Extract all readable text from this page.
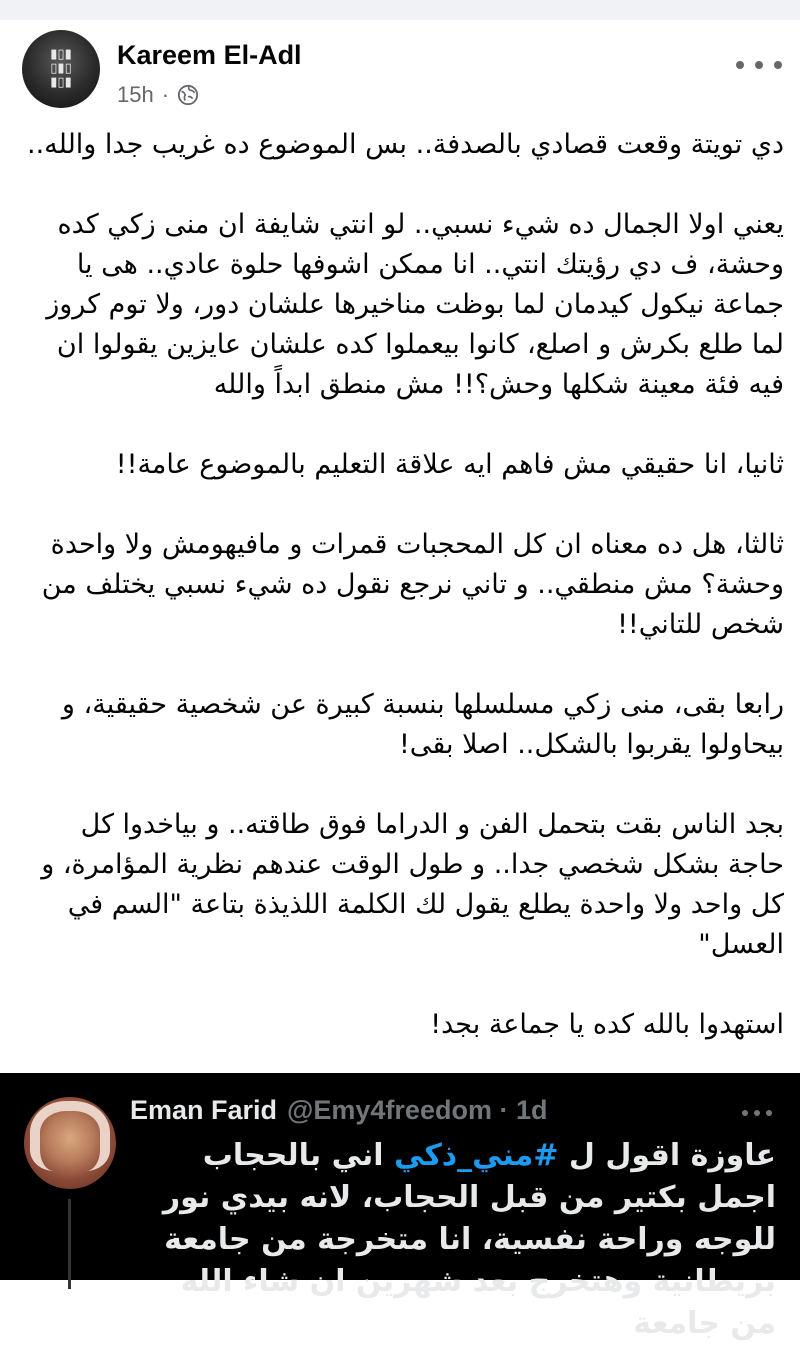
▮▯▮
▯▮▯
▮▯▮
Kareem El-Adl
15h ·

دي تويتة وقعت قصادي بالصدفة.. بس الموضوع ده غريب جدا والله..

يعني اولا الجمال ده شيء نسبي.. لو انتي شايفة ان منى زكي كده وحشة، ف دي رؤيتك انتي.. انا ممكن اشوفها حلوة عادي.. هى يا جماعة نيكول كيدمان لما بوظت مناخيرها علشان دور، ولا توم كروز لما طلع بكرش و اصلع، كانوا بيعملوا كده علشان عايزين يقولوا ان فيه فئة معينة شكلها وحش؟!! مش منطق ابداً والله

ثانيا، انا حقيقي مش فاهم ايه علاقة التعليم بالموضوع عامة!!

ثالثا، هل ده معناه ان كل المحجبات قمرات و مافيهومش ولا واحدة وحشة؟ مش منطقي.. و تاني نرجع نقول ده شيء نسبي يختلف من شخص للتاني!!

رابعا بقى، منى زكي مسلسلها بنسبة كبيرة عن شخصية حقيقية، و بيحاولوا يقربوا بالشكل.. اصلا بقى!

بجد الناس بقت بتحمل الفن و الدراما فوق طاقته.. و بياخدوا كل حاجة بشكل شخصي جدا.. و طول الوقت عندهم نظرية المؤامرة، و كل واحد ولا واحدة يطلع يقول لك الكلمة اللذيذة بتاعة "السم في العسل"

استهدوا بالله كده يا جماعة بجد!

Eman Farid @Emy4freedom · 1d
عاوزة اقول ل #مني_ذكي اني بالحجاب اجمل بكتير من قبل الحجاب، لانه بيدي نور للوجه وراحة نفسية، انا متخرجة من جامعة بريطانية وهتخرج بعد شهرين ان شاء الله من جامعة
